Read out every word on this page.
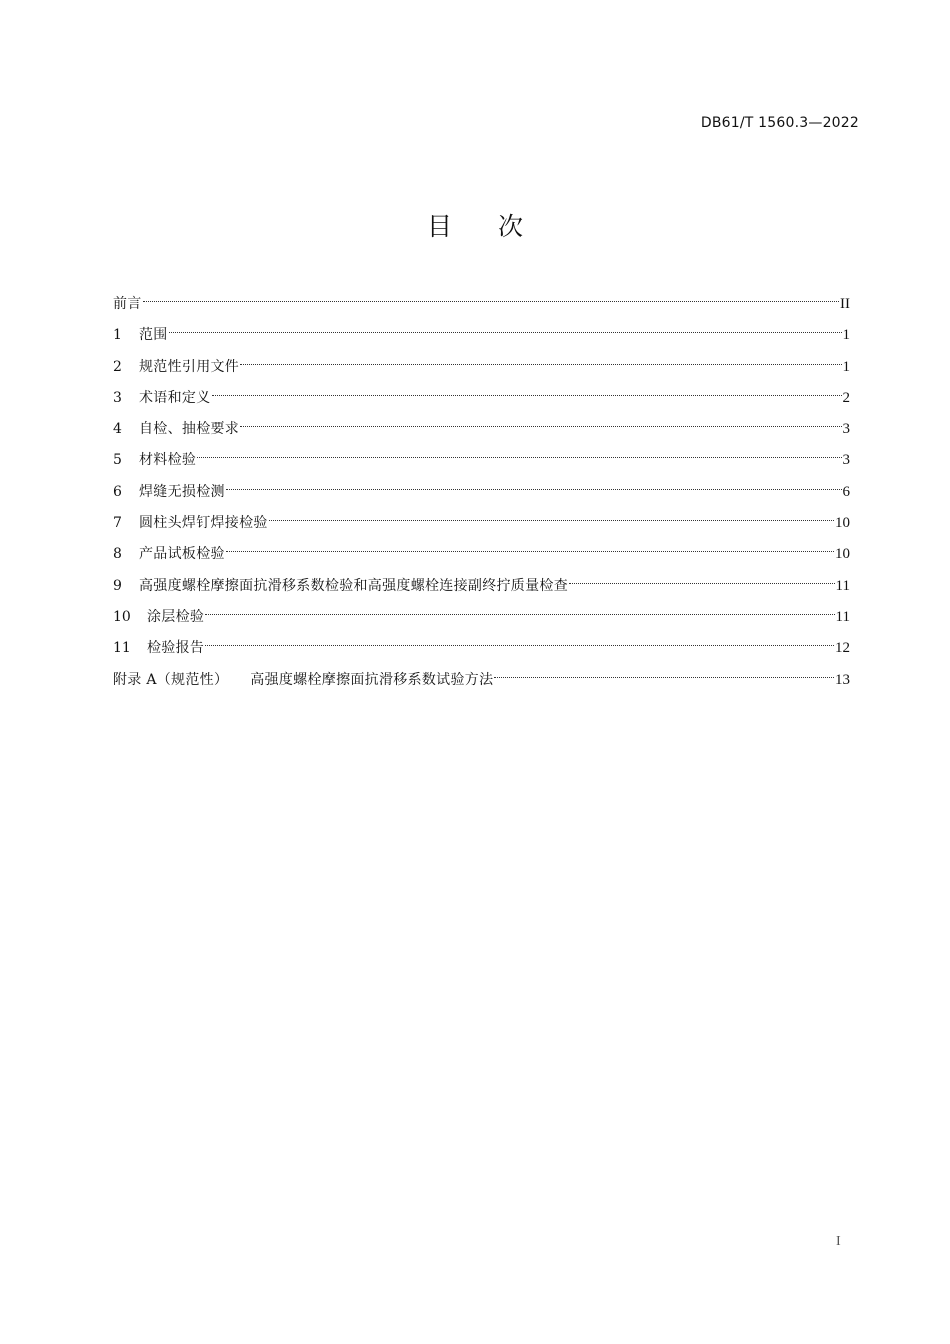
DB61/T 1560.3—2022
目 次
前言	II
1	范围	1
2	规范性引用文件	1
3	术语和定义	2
4	自检、抽检要求	3
5	材料检验	3
6	焊缝无损检测	6
7	圆柱头焊钉焊接检验	10
8	产品试板检验	10
9	高强度螺栓摩擦面抗滑移系数检验和高强度螺栓连接副终拧质量检查	11
10	涂层检验	11
11	检验报告	12
附录 A（规范性） 高强度螺栓摩擦面抗滑移系数试验方法	13
I
